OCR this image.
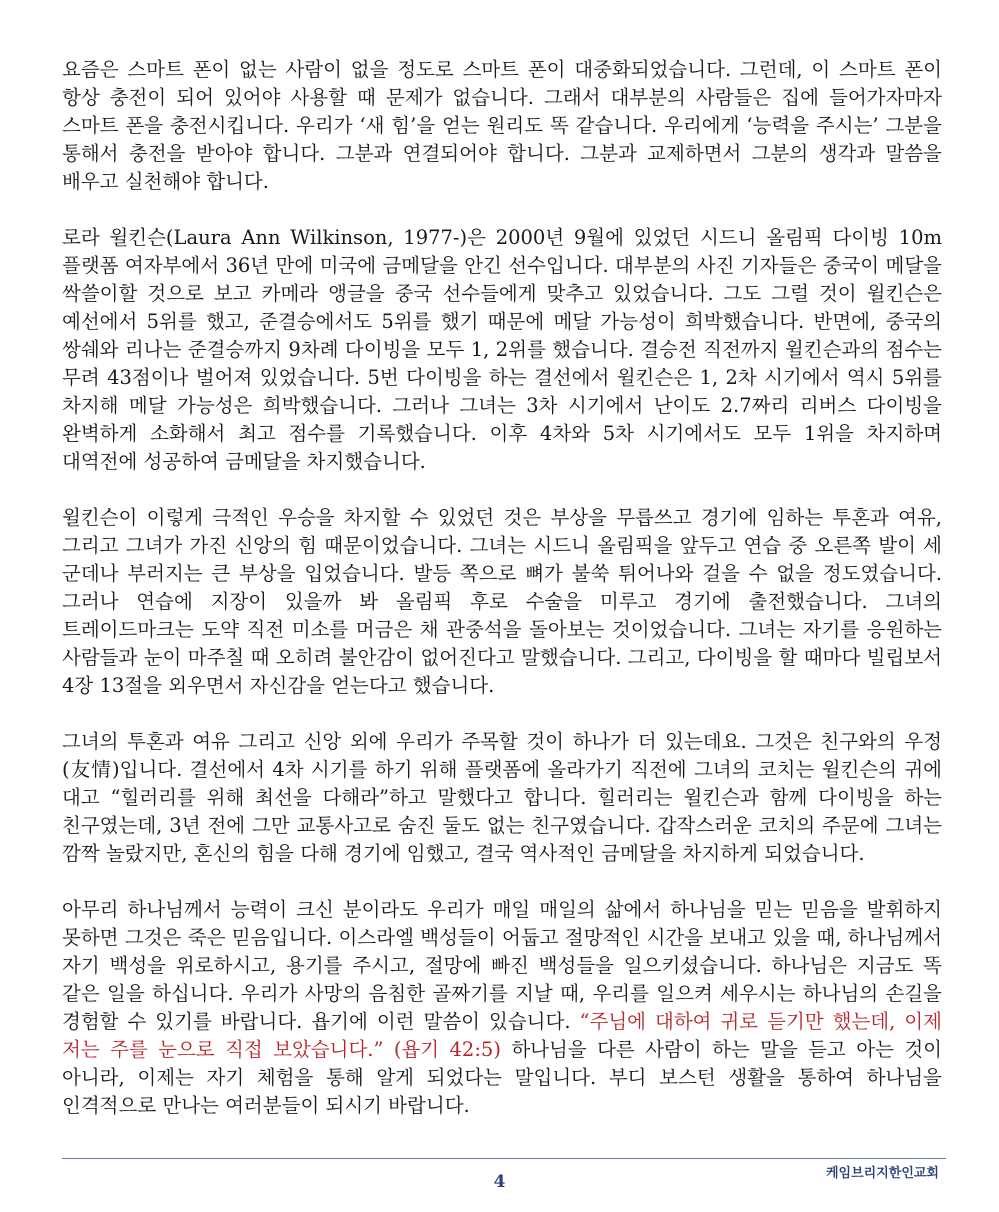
요즘은 스마트 폰이 없는 사람이 없을 정도로 스마트 폰이 대중화되었습니다. 그런데, 이 스마트 폰이 항상 충전이 되어 있어야 사용할 때 문제가 없습니다. 그래서 대부분의 사람들은 집에 들어가자마자 스마트 폰을 충전시킵니다. 우리가 ‘새 힘’을 얻는 원리도 똑 같습니다. 우리에게 ‘능력을 주시는’ 그분을 통해서 충전을 받아야 합니다. 그분과 연결되어야 합니다. 그분과 교제하면서 그분의 생각과 말씀을 배우고 실천해야 합니다.

로라 윌킨슨(Laura Ann Wilkinson, 1977-)은 2000년 9월에 있었던 시드니 올림픽 다이빙 10m 플랫폼 여자부에서 36년 만에 미국에 금메달을 안긴 선수입니다. 대부분의 사진 기자들은 중국이 메달을 싹쓸이할 것으로 보고 카메라 앵글을 중국 선수들에게 맞추고 있었습니다. 그도 그럴 것이 윌킨슨은 예선에서 5위를 했고, 준결승에서도 5위를 했기 때문에 메달 가능성이 희박했습니다. 반면에, 중국의 쌍쉐와 리나는 준결승까지 9차례 다이빙을 모두 1, 2위를 했습니다. 결승전 직전까지 윌킨슨과의 점수는 무려 43점이나 벌어져 있었습니다. 5번 다이빙을 하는 결선에서 윌킨슨은 1, 2차 시기에서 역시 5위를 차지해 메달 가능성은 희박했습니다. 그러나 그녀는 3차 시기에서 난이도 2.7짜리 리버스 다이빙을 완벽하게 소화해서 최고 점수를 기록했습니다. 이후 4차와 5차 시기에서도 모두 1위을 차지하며 대역전에 성공하여 금메달을 차지했습니다.

윌킨슨이 이렇게 극적인 우승을 차지할 수 있었던 것은 부상을 무릅쓰고 경기에 임하는 투혼과 여유, 그리고 그녀가 가진 신앙의 힘 때문이었습니다. 그녀는 시드니 올림픽을 앞두고 연습 중 오른쪽 발이 세 군데나 부러지는 큰 부상을 입었습니다. 발등 쪽으로 뼈가 불쑥 튀어나와 걸을 수 없을 정도였습니다. 그러나 연습에 지장이 있을까 봐 올림픽 후로 수술을 미루고 경기에 출전했습니다. 그녀의 트레이드마크는 도약 직전 미소를 머금은 채 관중석을 돌아보는 것이었습니다. 그녀는 자기를 응원하는 사람들과 눈이 마주칠 때 오히려 불안감이 없어진다고 말했습니다. 그리고, 다이빙을 할 때마다 빌립보서 4장 13절을 외우면서 자신감을 얻는다고 했습니다.

그녀의 투혼과 여유 그리고 신앙 외에 우리가 주목할 것이 하나가 더 있는데요. 그것은 친구와의 우정(友情)입니다. 결선에서 4차 시기를 하기 위해 플랫폼에 올라가기 직전에 그녀의 코치는 윌킨슨의 귀에 대고 “힐러리를 위해 최선을 다해라”하고 말했다고 합니다. 힐러리는 윌킨슨과 함께 다이빙을 하는 친구였는데, 3년 전에 그만 교통사고로 숨진 둘도 없는 친구였습니다. 갑작스러운 코치의 주문에 그녀는 깜짝 놀랐지만, 혼신의 힘을 다해 경기에 임했고, 결국 역사적인 금메달을 차지하게 되었습니다.

아무리 하나님께서 능력이 크신 분이라도 우리가 매일 매일의 삶에서 하나님을 믿는 믿음을 발휘하지 못하면 그것은 죽은 믿음입니다. 이스라엘 백성들이 어둡고 절망적인 시간을 보내고 있을 때, 하나님께서 자기 백성을 위로하시고, 용기를 주시고, 절망에 빠진 백성들을 일으키셨습니다. 하나님은 지금도 똑 같은 일을 하십니다. 우리가 사망의 음침한 골짜기를 지날 때, 우리를 일으켜 세우시는 하나님의 손길을 경험할 수 있기를 바랍니다. 욥기에 이런 말씀이 있습니다. “주님에 대하여 귀로 듣기만 했는데, 이제 저는 주를 눈으로 직접 보았습니다.” (욥기 42:5) 하나님을 다른 사람이 하는 말을 듣고 아는 것이 아니라, 이제는 자기 체험을 통해 알게 되었다는 말입니다. 부디 보스턴 생활을 통하여 하나님을 인격적으로 만나는 여러분들이 되시기 바랍니다.

4	케임브리지한인교회
